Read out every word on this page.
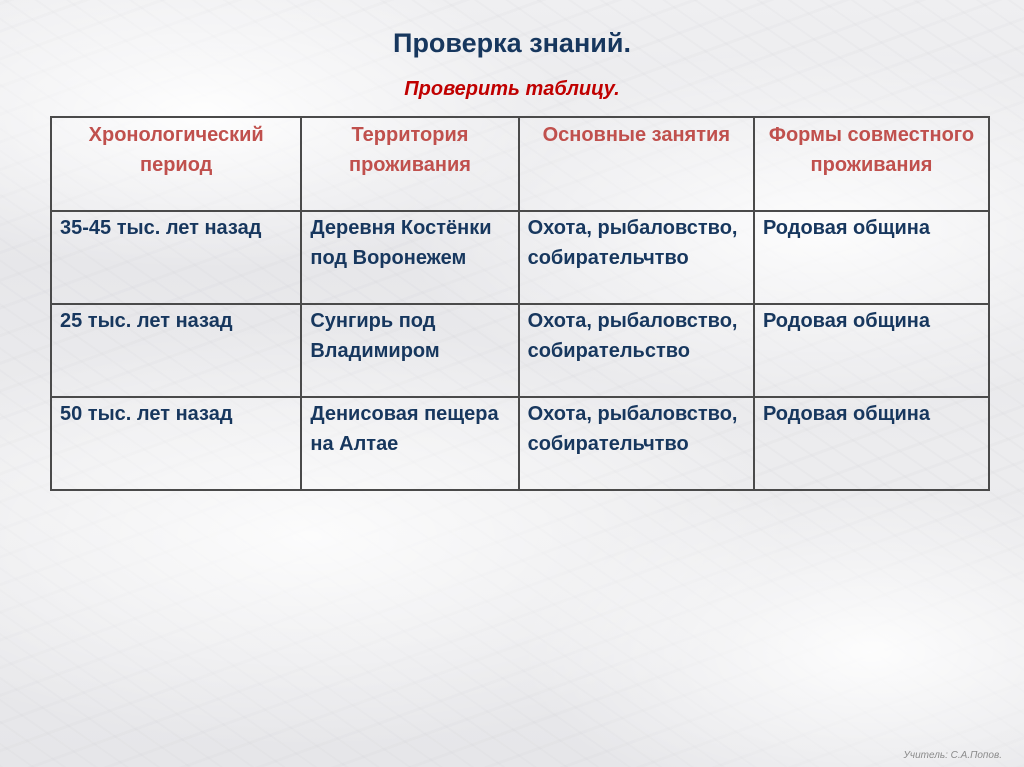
Проверка знаний.
Проверить таблицу.
Хронологический период	Территория проживания	Основные занятия	Формы совместного проживания
35-45 тыс. лет назад	Деревня Костёнки под Воронежем	Охота, рыбаловство, собирательчтво	Родовая община
25 тыс. лет назад	Сунгирь под Владимиром	Охота, рыбаловство, собирательство	Родовая община
50 тыс. лет назад	Денисовая пещера на Алтае	Охота, рыбаловство, собирательчтво	Родовая община
Учитель: С.А.Попов.
